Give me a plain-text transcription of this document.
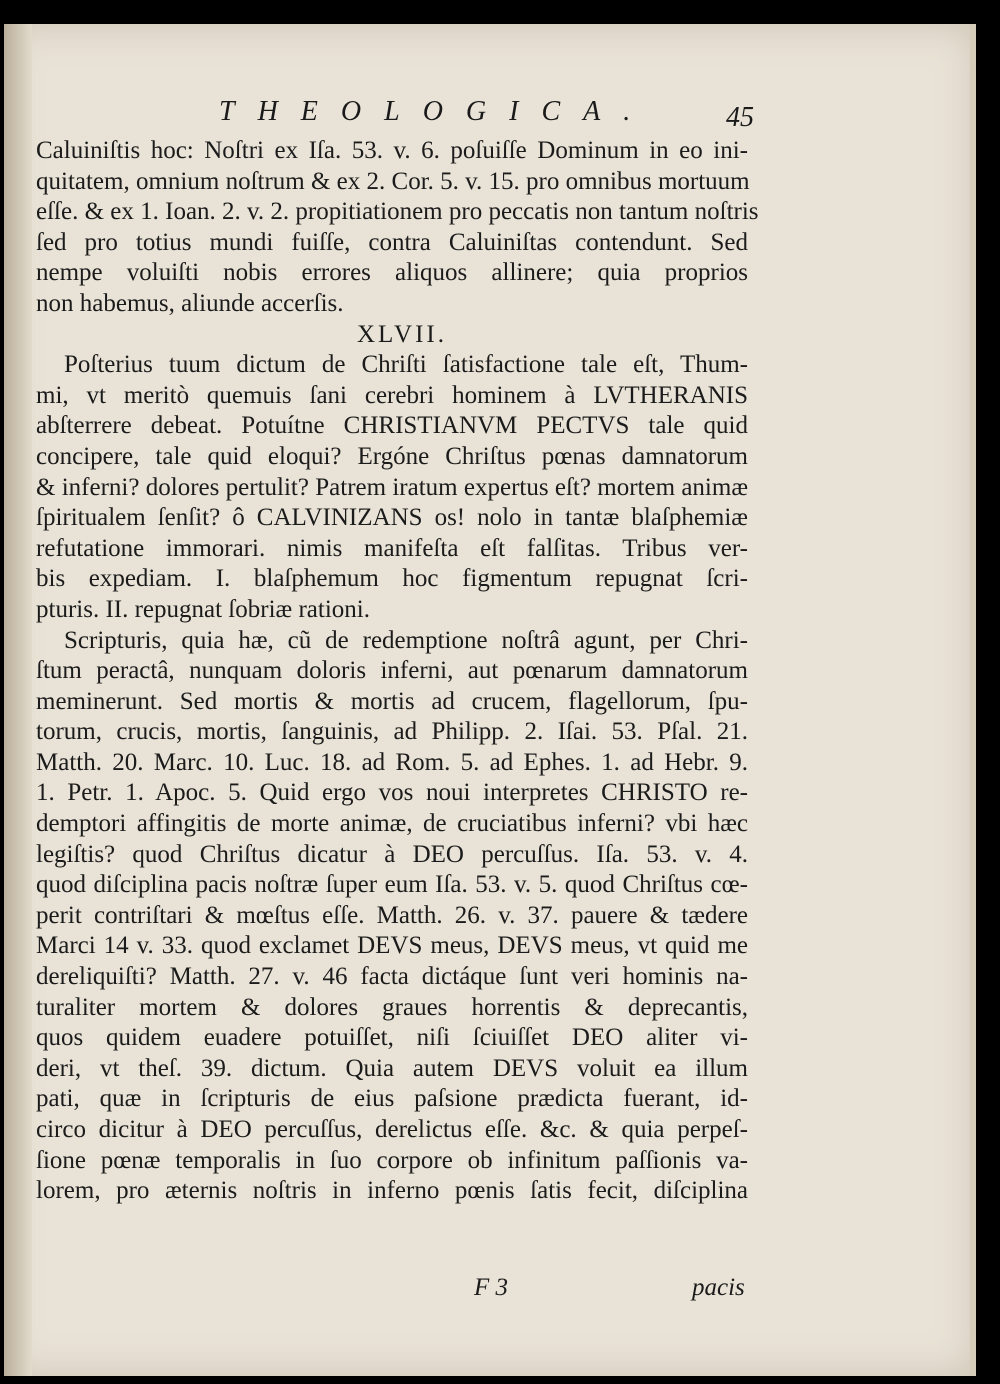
THEOLOGICA.	45
Caluiniſtis hoc: Noſtri ex Iſa. 53. v. 6. poſuiſſe Dominum in eo ini-
quitatem, omnium noſtrum & ex 2. Cor. 5. v. 15. pro omnibus mortuum
eſſe. & ex 1. Ioan. 2. v. 2. propitiationem pro peccatis non tantum noſtris
ſed pro totius mundi fuiſſe, contra Caluiniſtas contendunt. Sed
nempe voluiſti nobis errores aliquos allinere; quia proprios
non habemus, aliunde accerſis.
XLVII.
Poſterius tuum dictum de Chriſti ſatisfactione tale eſt, Thum-
mi, vt meritò quemuis ſani cerebri hominem à LVTHERANIS
abſterrere debeat. Potuítne CHRISTIANVM PECTVS tale quid
concipere, tale quid eloqui? Ergóne Chriſtus pœnas damnatorum
& inferni? dolores pertulit? Patrem iratum expertus eſt? mortem animæ
ſpiritualem ſenſit? ô CALVINIZANS os! nolo in tantæ blaſphemiæ
refutatione immorari. nimis manifeſta eſt falſitas. Tribus ver-
bis expediam. I. blaſphemum hoc figmentum repugnat ſcri-
pturis. II. repugnat ſobriæ rationi.
Scripturis, quia hæ, cũ de redemptione noſtrâ agunt, per Chri-
ſtum peractâ, nunquam doloris inferni, aut pœnarum damnatorum
meminerunt. Sed mortis & mortis ad crucem, flagellorum, ſpu-
torum, crucis, mortis, ſanguinis, ad Philipp. 2. Iſai. 53. Pſal. 21.
Matth. 20. Marc. 10. Luc. 18. ad Rom. 5. ad Ephes. 1. ad Hebr. 9.
1. Petr. 1. Apoc. 5. Quid ergo vos noui interpretes CHRISTO re-
demptori affingitis de morte animæ, de cruciatibus inferni? vbi hæc
legiſtis? quod Chriſtus dicatur à DEO percuſſus. Iſa. 53. v. 4.
quod diſciplina pacis noſtræ ſuper eum Iſa. 53. v. 5. quod Chriſtus cœ-
perit contriſtari & mœſtus eſſe. Matth. 26. v. 37. pauere & tædere
Marci 14 v. 33. quod exclamet DEVS meus, DEVS meus, vt quid me
dereliquiſti? Matth. 27. v. 46 facta dictáque ſunt veri hominis na-
turaliter mortem & dolores graues horrentis & deprecantis,
quos quidem euadere potuiſſet, niſi ſciuiſſet DEO aliter vi-
deri, vt theſ. 39. dictum. Quia autem DEVS voluit ea illum
pati, quæ in ſcripturis de eius paſsione prædicta fuerant, id-
circo dicitur à DEO percuſſus, derelictus eſſe. &c. & quia perpeſ-
ſione pœnæ temporalis in ſuo corpore ob infinitum paſſionis va-
lorem, pro æternis noſtris in inferno pœnis ſatis fecit, diſciplina
F 3	pacis
